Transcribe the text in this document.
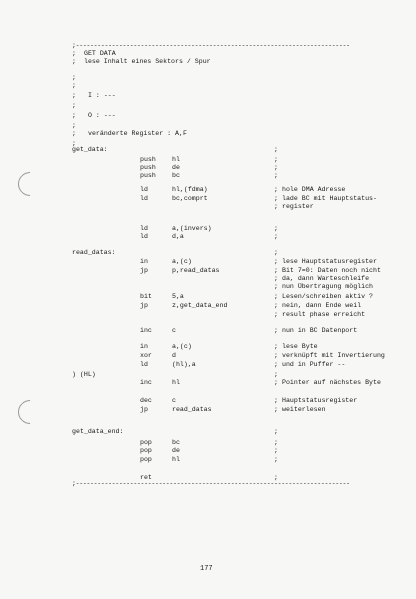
;----------------------------------------------------------------------------
; GET DATA
; lese Inhalt eines Sektors / Spur
;
;
; I : ---
;
; O : ---
;
; veränderte Register : A,F
;
get_data:	;
push hl	;
push de	;
push bc	;
ld	hl,(fdma)	; hole DMA Adresse
ld	bc,comprt	; lade BC mit Hauptstatus-
; register
ld	a,(invers)	;
ld	d,a	;
read_datas:	;
in	a,(c)	; lese Hauptstatusregister
jp	p,read_datas	; Bit 7=0: Daten noch nicht
; da, dann Warteschleife
; nun Übertragung möglich
bit	5,a	; Lesen/schreiben aktiv ?
jp	z,get_data_end	; nein, dann Ende weil
; result phase erreicht
inc	c	; nun in BC Datenport
in	a,(c)	; lese Byte
xor	d	; verknüpft mit Invertierung
ld	(hl),a	; und in Puffer --
) (HL)	;
inc	hl	; Pointer auf nächstes Byte
dec	c	; Hauptstatusregister
jp	read_datas	; weiterlesen
get_data_end:	;
pop	bc	;
pop	de	;
pop	hl	;
ret	;
;----------------------------------------------------------------------------
177
